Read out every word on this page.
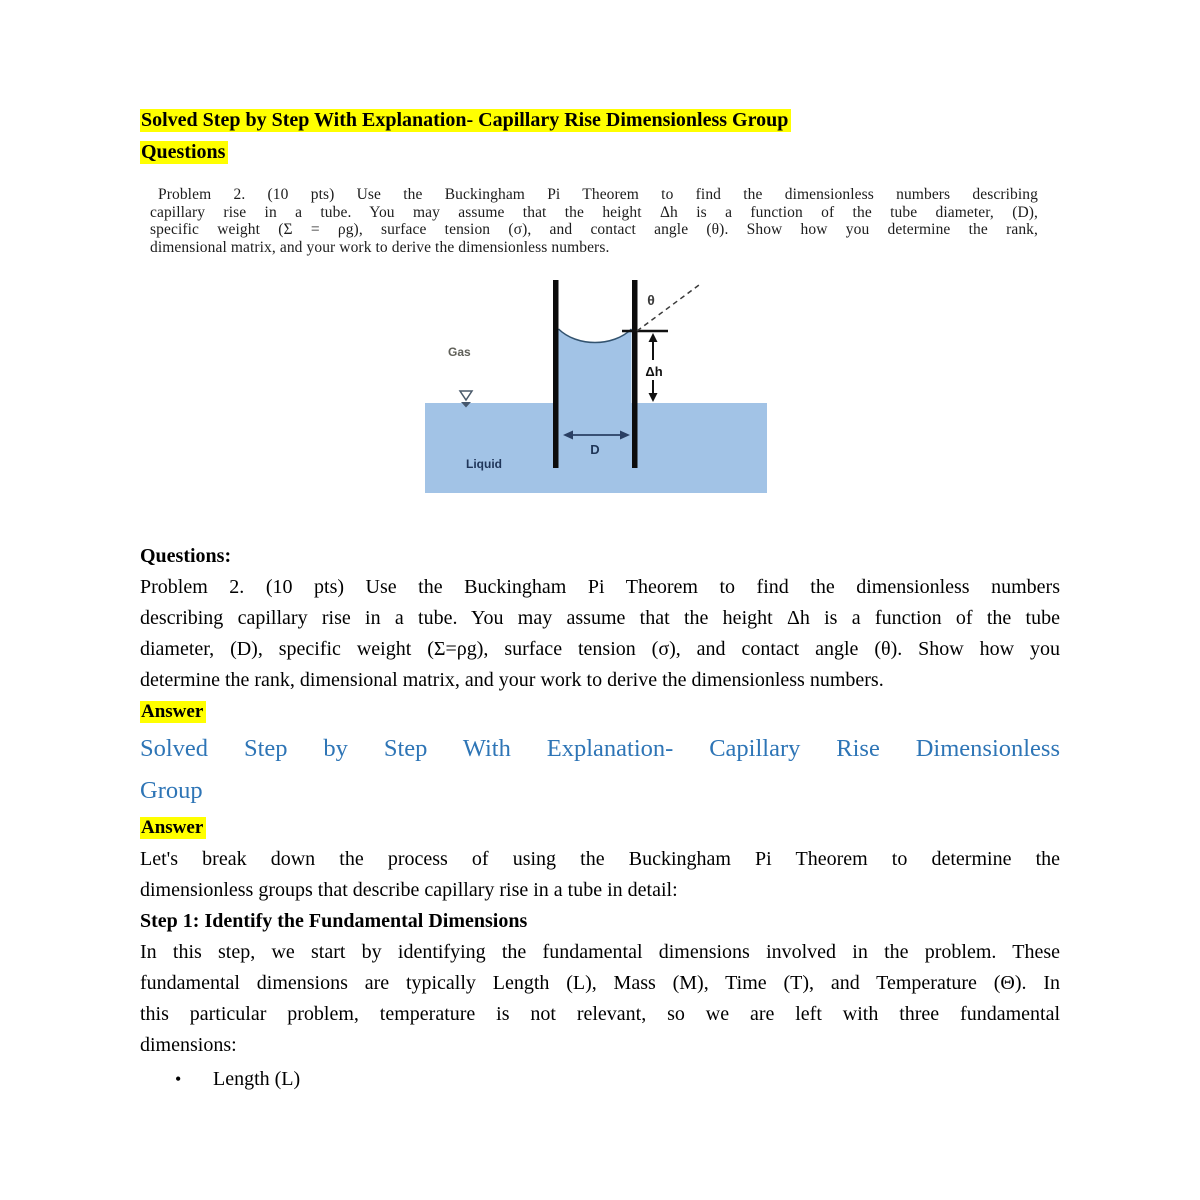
Solved Step by Step With Explanation- Capillary Rise Dimensionless Group
Questions
Problem 2. (10 pts) Use the Buckingham Pi Theorem to find the dimensionless numbers describing
capillary rise in a tube. You may assume that the height Δh is a function of the tube diameter, (D),
specific weight (Σ = ρg), surface tension (σ), and contact angle (θ). Show how you determine the rank,
dimensional matrix, and your work to derive the dimensionless numbers.
θ
Δh
D
Gas
Liquid
Questions:
Problem 2. (10 pts) Use the Buckingham Pi Theorem to find the dimensionless numbers
describing capillary rise in a tube. You may assume that the height Δh is a function of the tube
diameter, (D), specific weight (Σ=ρg), surface tension (σ), and contact angle (θ). Show how you
determine the rank, dimensional matrix, and your work to derive the dimensionless numbers.
Answer
Solved Step by Step With Explanation- Capillary Rise Dimensionless
Group
Answer
Let's break down the process of using the Buckingham Pi Theorem to determine the
dimensionless groups that describe capillary rise in a tube in detail:
Step 1: Identify the Fundamental Dimensions
In this step, we start by identifying the fundamental dimensions involved in the problem. These
fundamental dimensions are typically Length (L), Mass (M), Time (T), and Temperature (Θ). In
this particular problem, temperature is not relevant, so we are left with three fundamental
dimensions:
• Length (L)
